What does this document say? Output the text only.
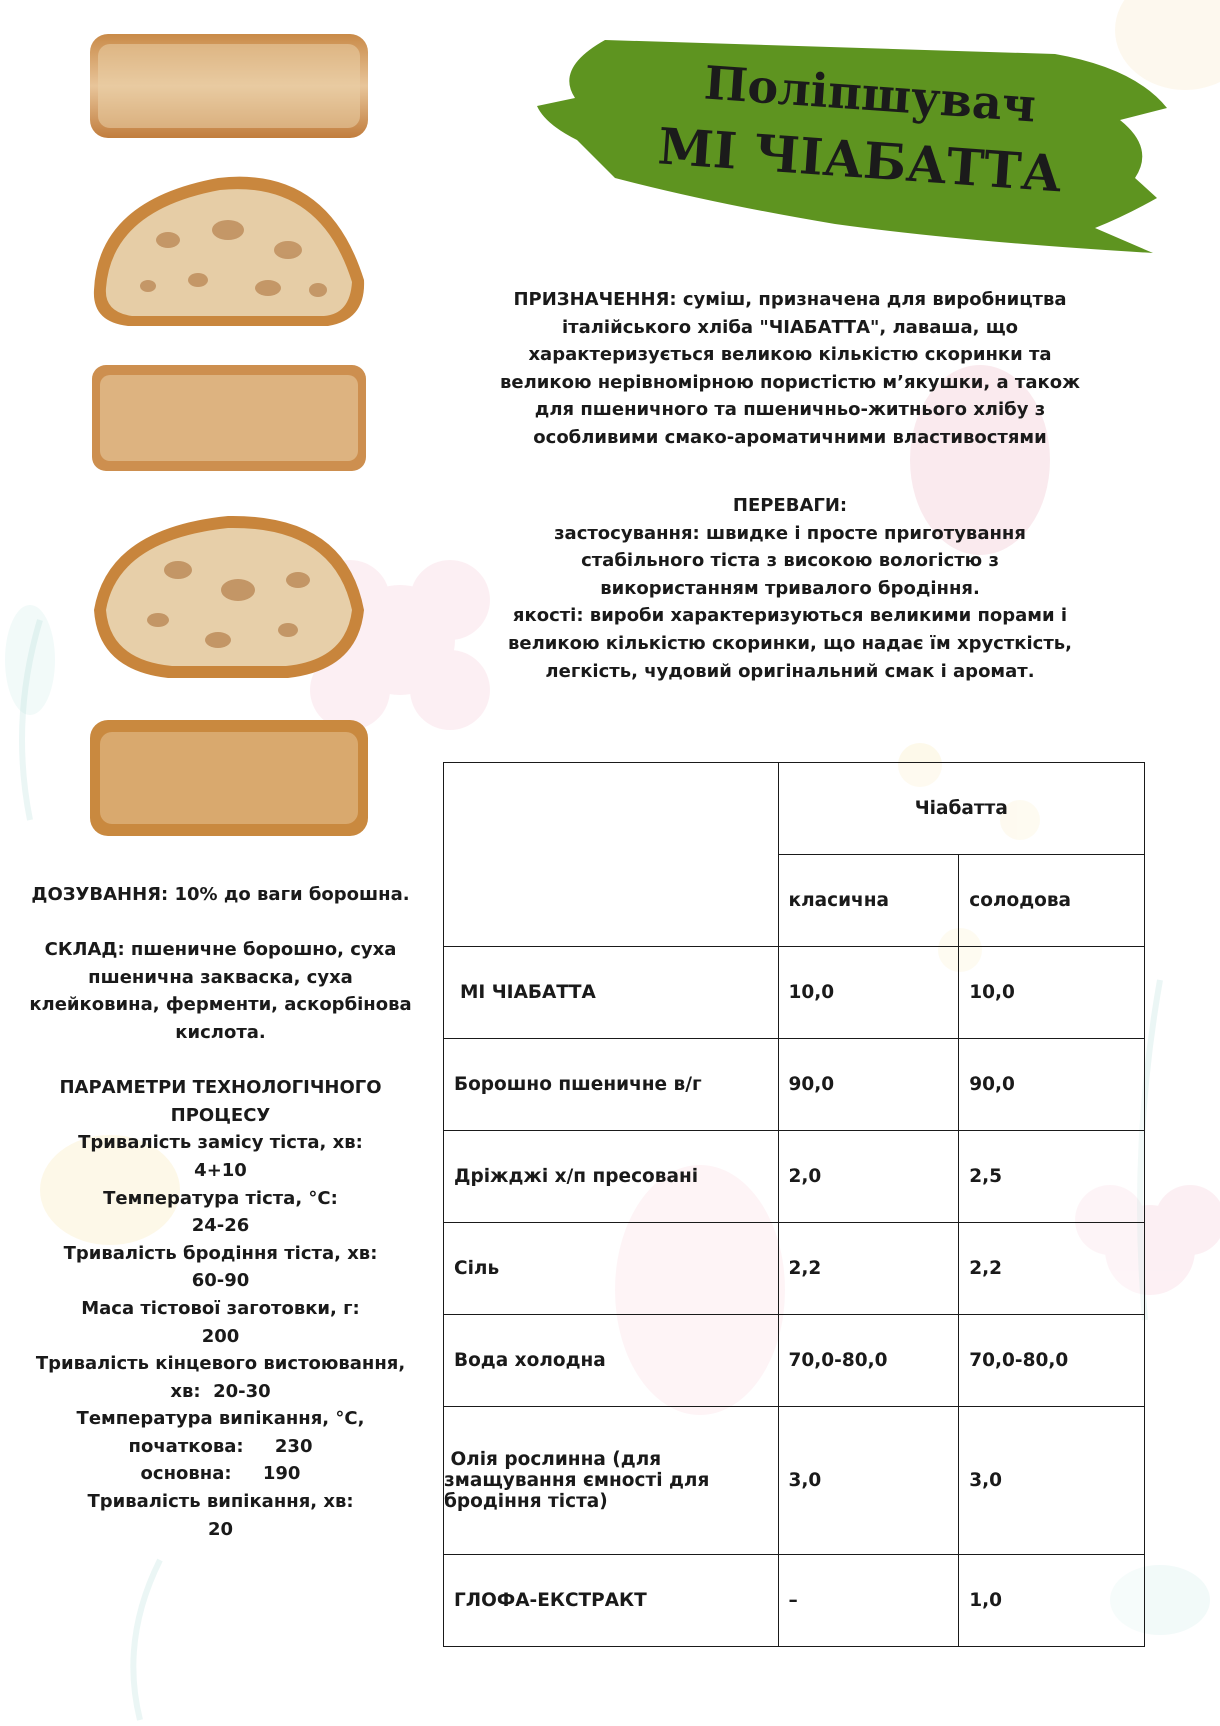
Поліпшувач
МІ ЧІАБАТТА
ПРИЗНАЧЕННЯ: суміш, призначена для виробництва
італійського хліба "ЧІАБАТТА", лаваша, що
характеризується великою кількістю скоринки та
великою нерівномірною пористістю м’якушки, а також
для пшеничного та пшеничньо-житнього хлібу з
особливими смако-ароматичними властивостями
ПЕРЕВАГИ:
застосування: швидке і просте приготування
стабільного тіста з високою вологістю з
використанням тривалого бродіння.
якості: вироби характеризуються великими порами і
великою кількістю скоринки, що надає їм хрусткість,
легкість, чудовий оригінальний смак і аромат.

ДОЗУВАННЯ: 10% до ваги борошна.

СКЛАД: пшеничне борошно, суха

пшенична закваска, суха

клейковина, ферменти, аскорбінова

кислота.

ПАРАМЕТРИ ТЕХНОЛОГІЧНОГО

ПРОЦЕСУ

Тривалість замісу тіста, хв:

4+10

Температура тіста, °С:

24-26

Тривалість бродіння тіста, хв:

60-90

Маса тістової заготовки, г:

200

Тривалість кінцевого вистоювання,

хв:  20-30

Температура випікання, °С,

початкова:     230

основна:     190

Тривалість випікання, хв:

20

	Чіабатта	
	класична	солодова
МІ ЧІАБАТТА	10,0	10,0
Борошно пшеничне в/г	90,0	90,0
Дріжджі х/п пресовані	2,0	2,5
Сіль	2,2	2,2
Вода холодна	70,0-80,0	70,0-80,0

Олія рослинна (для
змащування ємності для
бродіння тіста)	3,0	3,0
ГЛОФА-ЕКСТРАКТ	–	1,0
